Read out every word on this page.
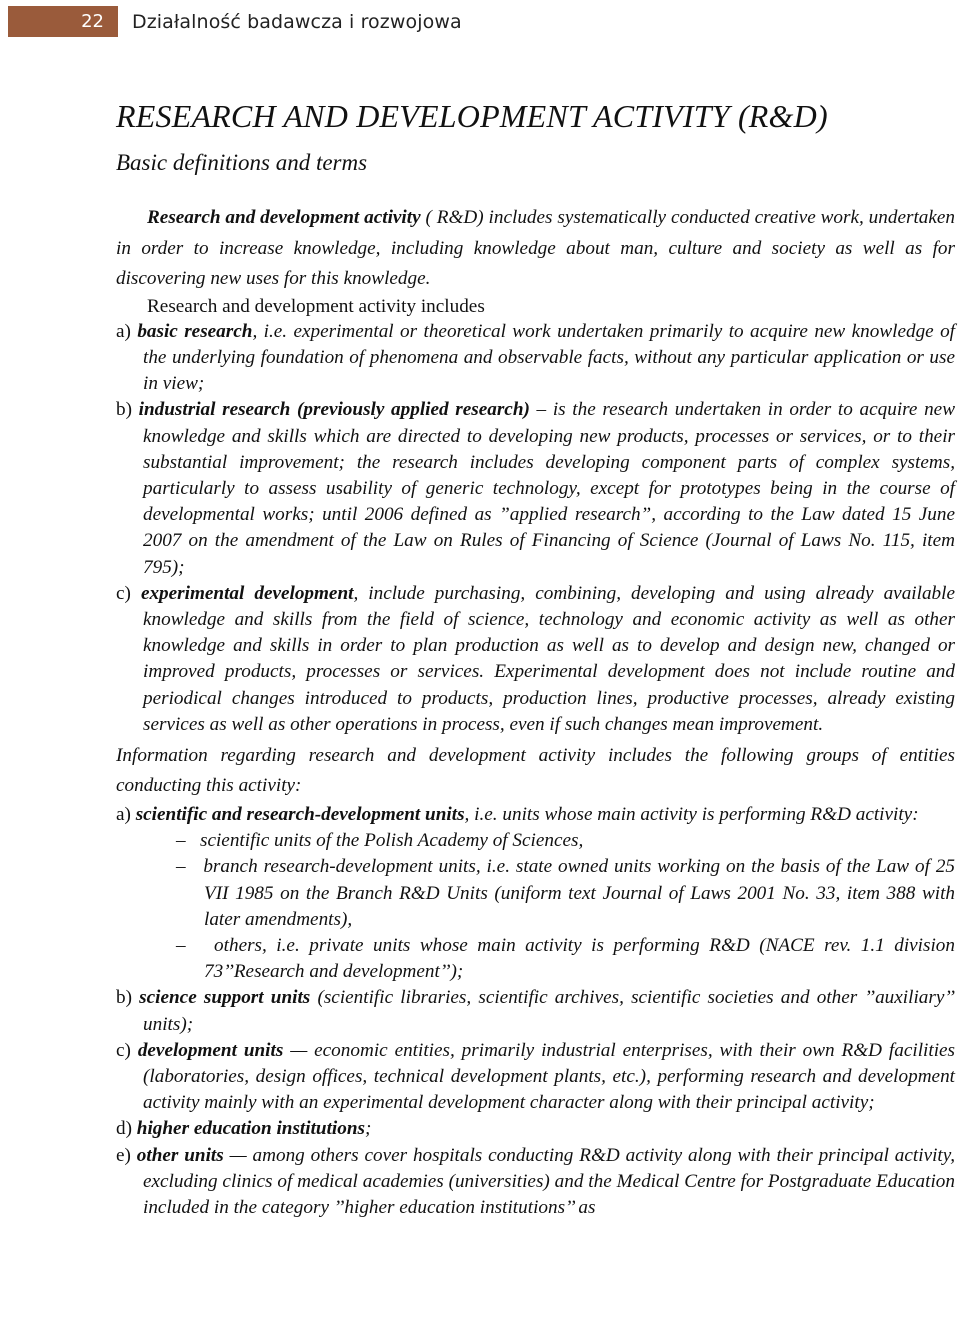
22	Działalność badawcza i rozwojowa
RESEARCH AND DEVELOPMENT ACTIVITY (R&D)
Basic definitions and terms

Research and development activity ( R&D) includes systematically conducted creative work, undertaken in order to increase knowledge, including knowledge about man, culture and society as well as for discovering new uses for this knowledge.

Research and development activity includes

a) basic research, i.e. experimental or theoretical work undertaken primarily to acquire new knowledge of the underlying foundation of phenomena and observable facts, without any particular application or use in view;
b) industrial research (previously applied research) – is the research undertaken in order to acquire new knowledge and skills which are directed to developing new products, processes or services, or to their substantial improvement; the research includes developing component parts of complex systems, particularly to assess usability of generic technology, except for prototypes being in the course of developmental works; until 2006 defined as ”applied research”, according to the Law dated 15 June 2007 on the amendment of the Law on Rules of Financing of Science (Journal of Laws No. 115, item 795);
c) experimental development, include purchasing, combining, developing and using already available knowledge and skills from the field of science, technology and economic activity as well as other knowledge and skills in order to plan production as well as to develop and design new, changed or improved products, processes or services. Experimental development does not include routine and periodical changes introduced to products, production lines, productive processes, already existing services as well as other operations in process, even if such changes mean improvement.

Information regarding research and development activity includes the following groups of entities conducting this activity:

a) scientific and research-development units, i.e. units whose main activity is performing R&D activity:
– scientific units of the Polish Academy of Sciences,
– branch research-development units, i.e. state owned units working on the basis of the Law of 25 VII 1985 on the Branch R&D Units (uniform text Journal of Laws 2001 No. 33, item 388 with later amendments),
– others, i.e. private units whose main activity is performing R&D (NACE rev. 1.1 division 73’’Research and development’’);
b) science support units (scientific libraries, scientific archives, scientific societies and other ’’auxiliary’’ units);
c) development units — economic entities, primarily industrial enterprises, with their own R&D facilities (laboratories, design offices, technical development plants, etc.), performing research and development activity mainly with an experimental development character along with their principal activity;
d) higher education institutions;
e) other units — among others cover hospitals conducting R&D activity along with their principal activity, excluding clinics of medical academies (universities) and the Medical Centre for Postgraduate Education included in the category ’’higher education institutions’’ as
